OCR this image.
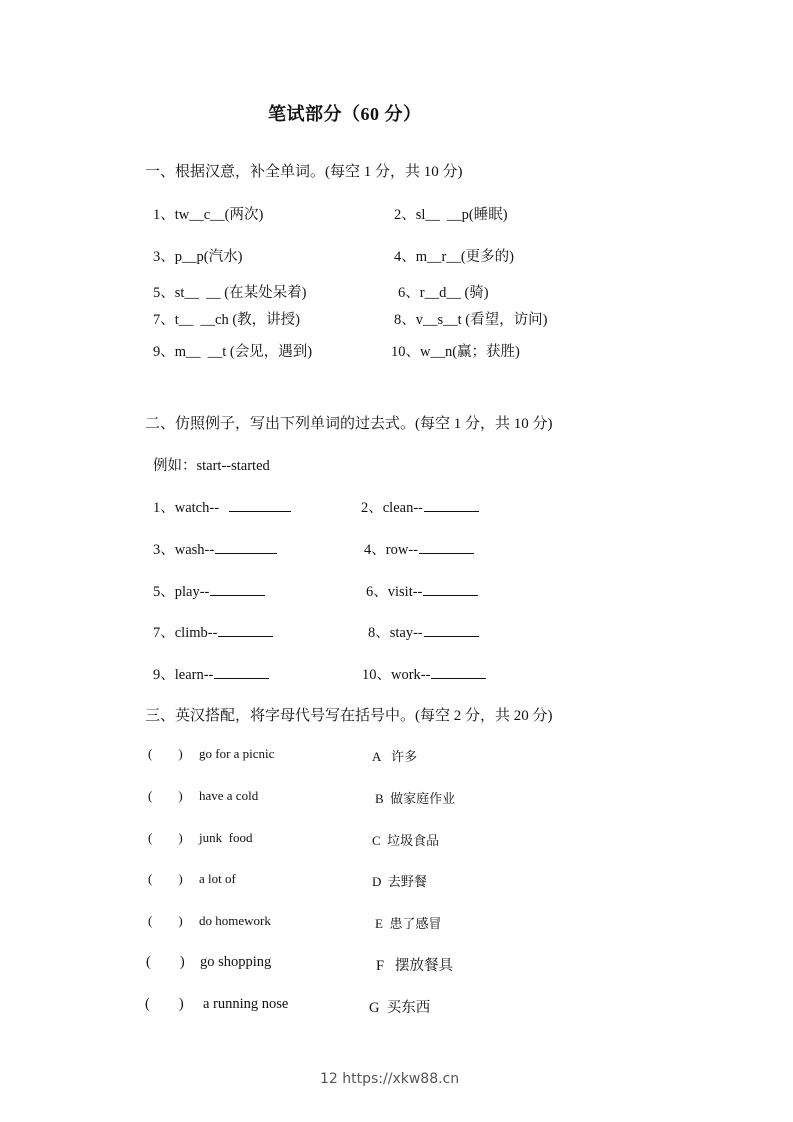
笔试部分（60 分）
一、根据汉意，补全单词。(每空 1 分，共 10 分)
1、tw__c__(两次)	2、sl__  __p(睡眠)
3、p__p(汽水)	4、m__r__(更多的)
5、st__  __ (在某处呆着)	6、r__d__ (骑)
7、t__  __ch (教，讲授)	8、v__s__t (看望，访问)
9、m__  __t (会见，遇到)	10、w__n(赢；获胜)
二、仿照例子，写出下列单词的过去式。(每空 1 分，共 10 分)
例如：start--started
1、watch--	2、clean--
3、wash--	4、row--
5、play--	6、visit--
7、climb--	8、stay--
9、learn--	10、work--
三、英汉搭配，将字母代号写在括号中。(每空 2 分，共 20 分)
(        ) go for a picnic	A 许多
(        ) have a cold	B 做家庭作业
(        ) junk  food	C 垃圾食品
(        ) a lot of	D 去野餐
(        ) do homework	E 患了感冒
(        ) go shopping	F 摆放餐具
(        ) a running nose	G 买东西
12 https://xkw88.cn
